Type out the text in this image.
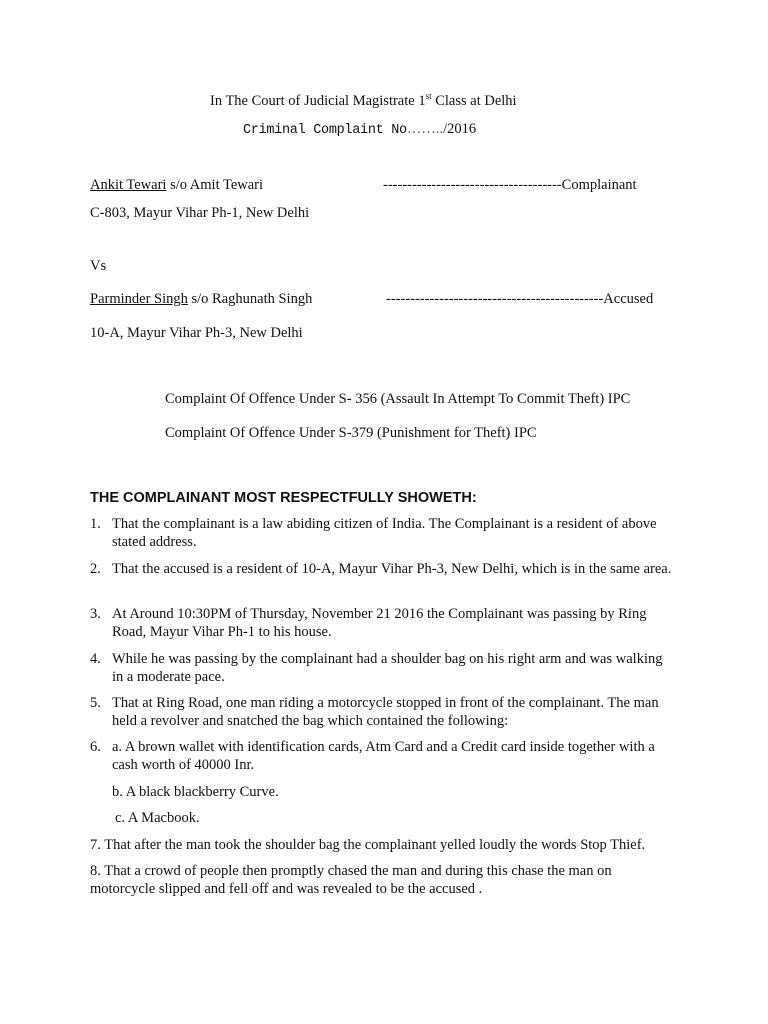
In The Court of Judicial Magistrate 1st Class at Delhi
Criminal Complaint No……../2016
Ankit Tewari s/o Amit Tewari	-------------------------------------Complainant
C-803, Mayur Vihar Ph-1, New Delhi
Vs
Parminder Singh s/o Raghunath Singh	---------------------------------------------Accused
10-A, Mayur Vihar Ph-3, New Delhi
Complaint Of Offence Under S- 356 (Assault In Attempt To Commit Theft) IPC
Complaint Of Offence Under S-379 (Punishment for Theft) IPC
THE COMPLAINANT MOST RESPECTFULLY SHOWETH:
1. That the complainant is a law abiding citizen of India. The Complainant is a resident of above stated address.
2. That the accused is a resident of 10-A, Mayur Vihar Ph-3, New Delhi, which is in the same area.
3. At Around 10:30PM of Thursday, November 21 2016 the Complainant was passing by Ring Road, Mayur Vihar Ph-1 to his house.
4. While he was passing by the complainant had a shoulder bag on his right arm and was walking in a moderate pace.
5. That at Ring Road, one man riding a motorcycle stopped in front of the complainant. The man held a revolver and snatched the bag which contained the following:
6. a. A brown wallet with identification cards, Atm Card and a Credit card inside together with a cash worth of 40000 Inr.
b. A black blackberry Curve.
c. A Macbook.
7. That after the man took the shoulder bag the complainant yelled loudly the words Stop Thief.
8. That a crowd of people then promptly chased the man and during this chase the man on motorcycle slipped and fell off and was revealed to be the accused .
